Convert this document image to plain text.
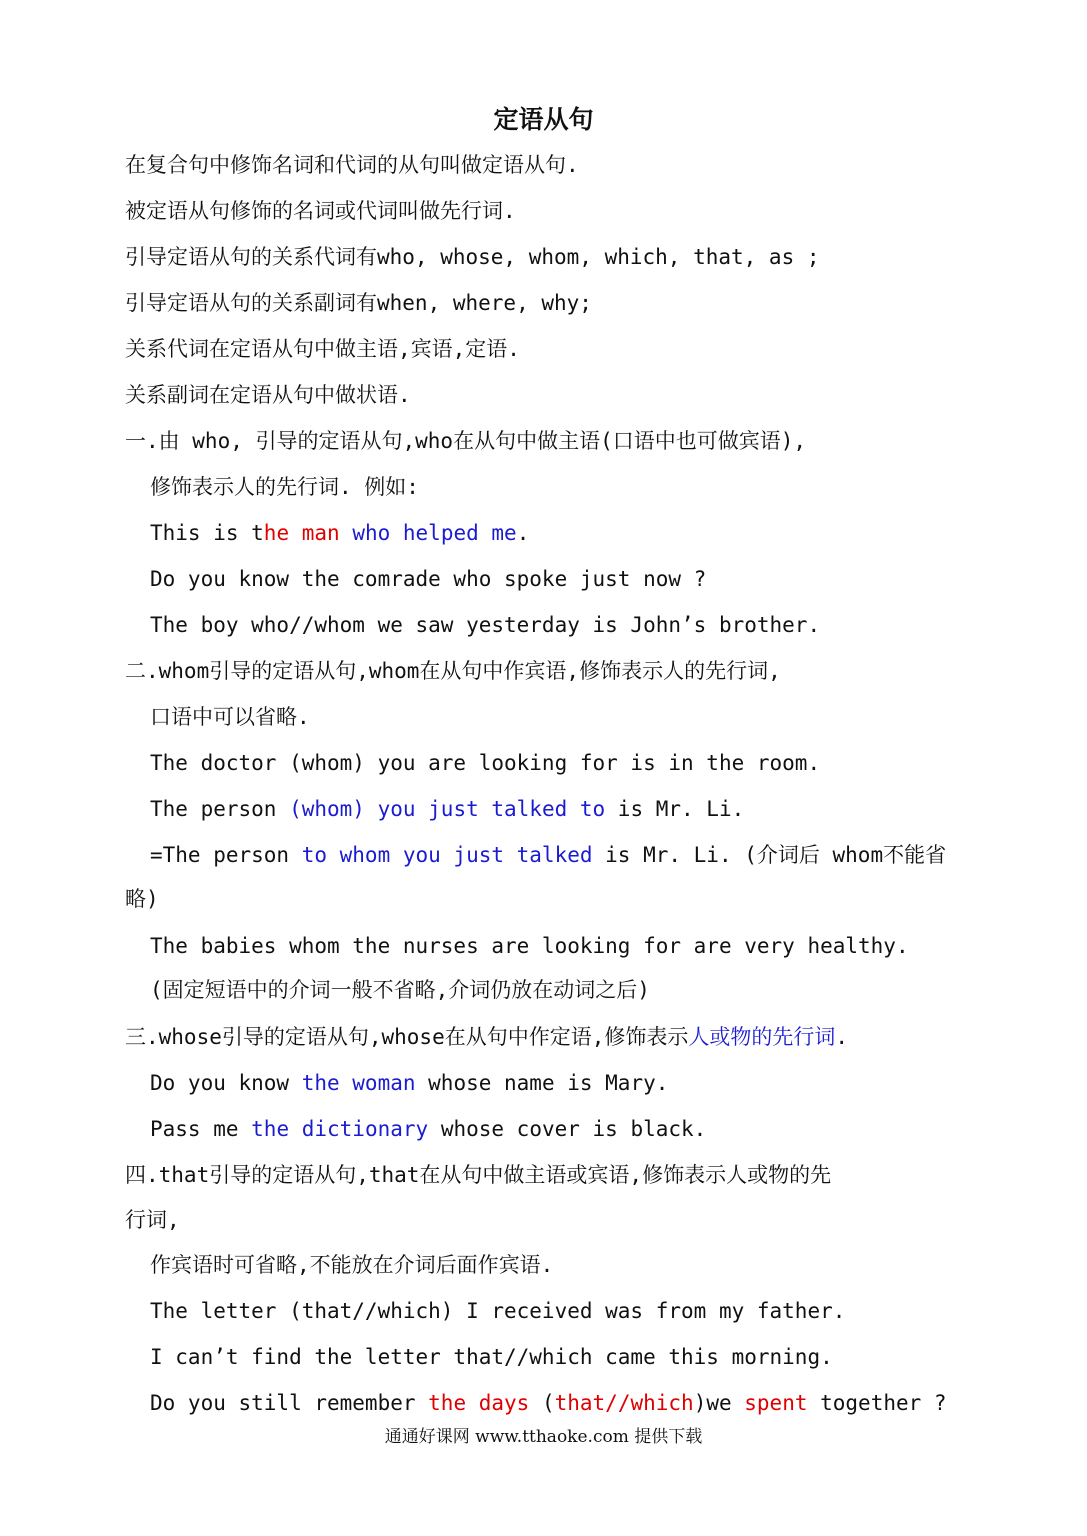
定语从句
在复合句中修饰名词和代词的从句叫做定语从句.
被定语从句修饰的名词或代词叫做先行词.
引导定语从句的关系代词有who, whose, whom, which, that, as ;
引导定语从句的关系副词有when, where, why;
关系代词在定语从句中做主语,宾语,定语.
关系副词在定语从句中做状语.
一.由 who, 引导的定语从句,who在从句中做主语(口语中也可做宾语),
修饰表示人的先行词. 例如:
This is the man who helped me.
Do you know the comrade who spoke just now ?
The boy who//whom we saw yesterday is John’s brother.
二.whom引导的定语从句,whom在从句中作宾语,修饰表示人的先行词,
口语中可以省略.
The doctor (whom) you are looking for is in the room.
The person (whom) you just talked to is Mr. Li.
=The person to whom you just talked is Mr. Li. (介词后 whom不能省
略)
The babies whom the nurses are looking for are very healthy.
(固定短语中的介词一般不省略,介词仍放在动词之后)
三.whose引导的定语从句,whose在从句中作定语,修饰表示人或物的先行词.
Do you know the woman whose name is Mary.
Pass me the dictionary whose cover is black.
四.that引导的定语从句,that在从句中做主语或宾语,修饰表示人或物的先
行词,
作宾语时可省略,不能放在介词后面作宾语.
The letter (that//which) I received was from my father.
I can’t find the letter that//which came this morning.
Do you still remember the days (that//which)we spent together ?
通通好课网 www.tthaoke.com 提供下载
